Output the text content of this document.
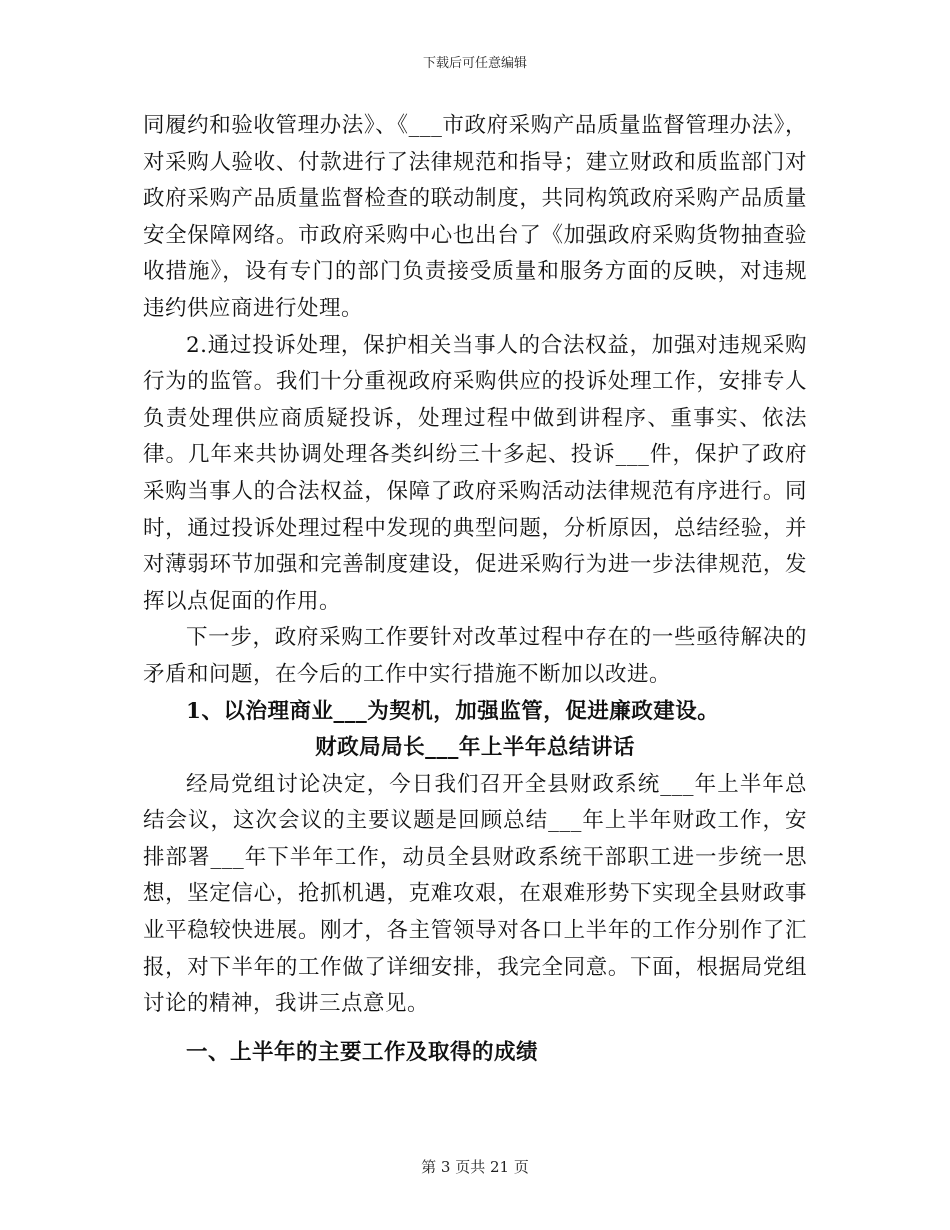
下载后可任意编辑

同履约和验收管理办法》、《___市政府采购产品质量监督管理办法》，对采购人验收、付款进行了法律规范和指导；建立财政和质监部门对政府采购产品质量监督检查的联动制度，共同构筑政府采购产品质量安全保障网络。市政府采购中心也出台了《加强政府采购货物抽查验收措施》，设有专门的部门负责接受质量和服务方面的反映，对违规违约供应商进行处理。

2.通过投诉处理，保护相关当事人的合法权益，加强对违规采购行为的监管。我们十分重视政府采购供应的投诉处理工作，安排专人负责处理供应商质疑投诉，处理过程中做到讲程序、重事实、依法律。几年来共协调处理各类纠纷三十多起、投诉___件，保护了政府采购当事人的合法权益，保障了政府采购活动法律规范有序进行。同时，通过投诉处理过程中发现的典型问题，分析原因，总结经验，并对薄弱环节加强和完善制度建设，促进采购行为进一步法律规范，发挥以点促面的作用。

下一步，政府采购工作要针对改革过程中存在的一些亟待解决的矛盾和问题，在今后的工作中实行措施不断加以改进。

1、以治理商业___为契机，加强监管，促进廉政建设。

财政局局长___年上半年总结讲话

经局党组讨论决定，今日我们召开全县财政系统___年上半年总结会议，这次会议的主要议题是回顾总结___年上半年财政工作，安排部署___年下半年工作，动员全县财政系统干部职工进一步统一思想，坚定信心，抢抓机遇，克难攻艰，在艰难形势下实现全县财政事业平稳较快进展。刚才，各主管领导对各口上半年的工作分别作了汇报，对下半年的工作做了详细安排，我完全同意。下面，根据局党组讨论的精神，我讲三点意见。

一、上半年的主要工作及取得的成绩

第 3 页共 21 页
